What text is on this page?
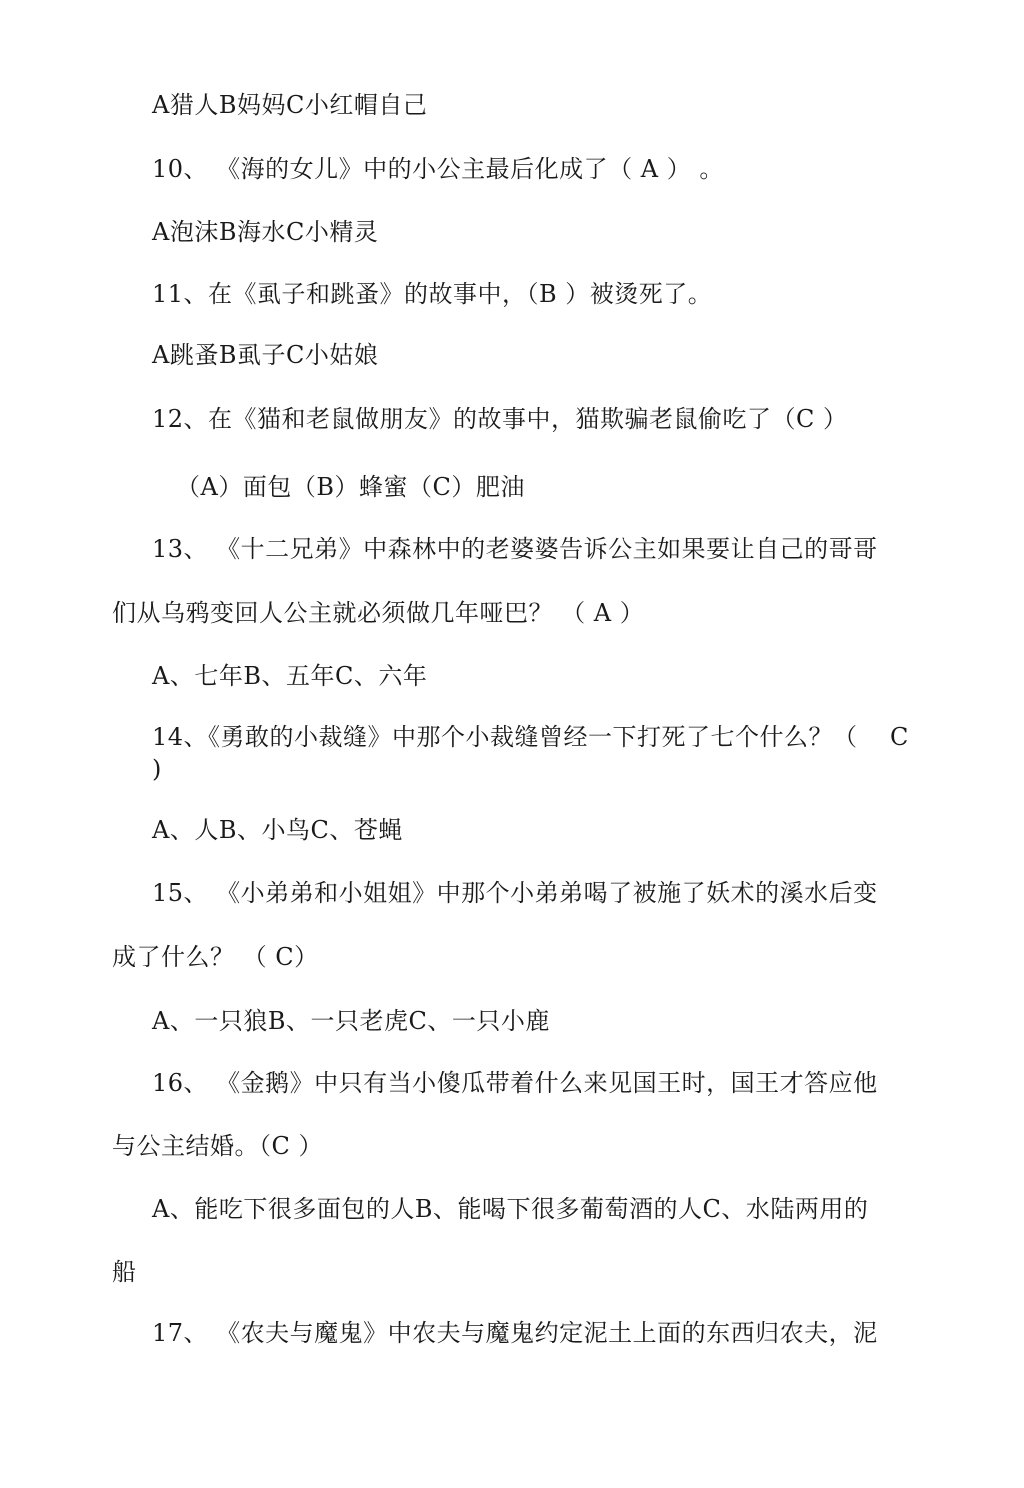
A猎人B妈妈C小红帽自己
10、 《海的女儿》中的小公主最后化成了（ A ） 。
A泡沫B海水C小精灵
11、在《虱子和跳蚤》的故事中，（B ）被烫死了。
A跳蚤B虱子C小姑娘
12、在《猫和老鼠做朋友》的故事中，猫欺骗老鼠偷吃了（C ）
（A）面包（B）蜂蜜（C）肥油
13、 《十二兄弟》中森林中的老婆婆告诉公主如果要让自己的哥哥
们从乌鸦变回人公主就必须做几年哑巴？ （ A ）
A、七年B、五年C、六年
14、《勇敢的小裁缝》中那个小裁缝曾经一下打死了七个什么？（ C
)
A、人B、小鸟C、苍蝇
15、 《小弟弟和小姐姐》中那个小弟弟喝了被施了妖术的溪水后变
成了什么？ （ C）
A、一只狼B、一只老虎C、一只小鹿
16、 《金鹅》中只有当小傻瓜带着什么来见国王时，国王才答应他
与公主结婚。（C ）
A、能吃下很多面包的人B、能喝下很多葡萄酒的人C、水陆两用的
船
17、 《农夫与魔鬼》中农夫与魔鬼约定泥土上面的东西归农夫，泥
